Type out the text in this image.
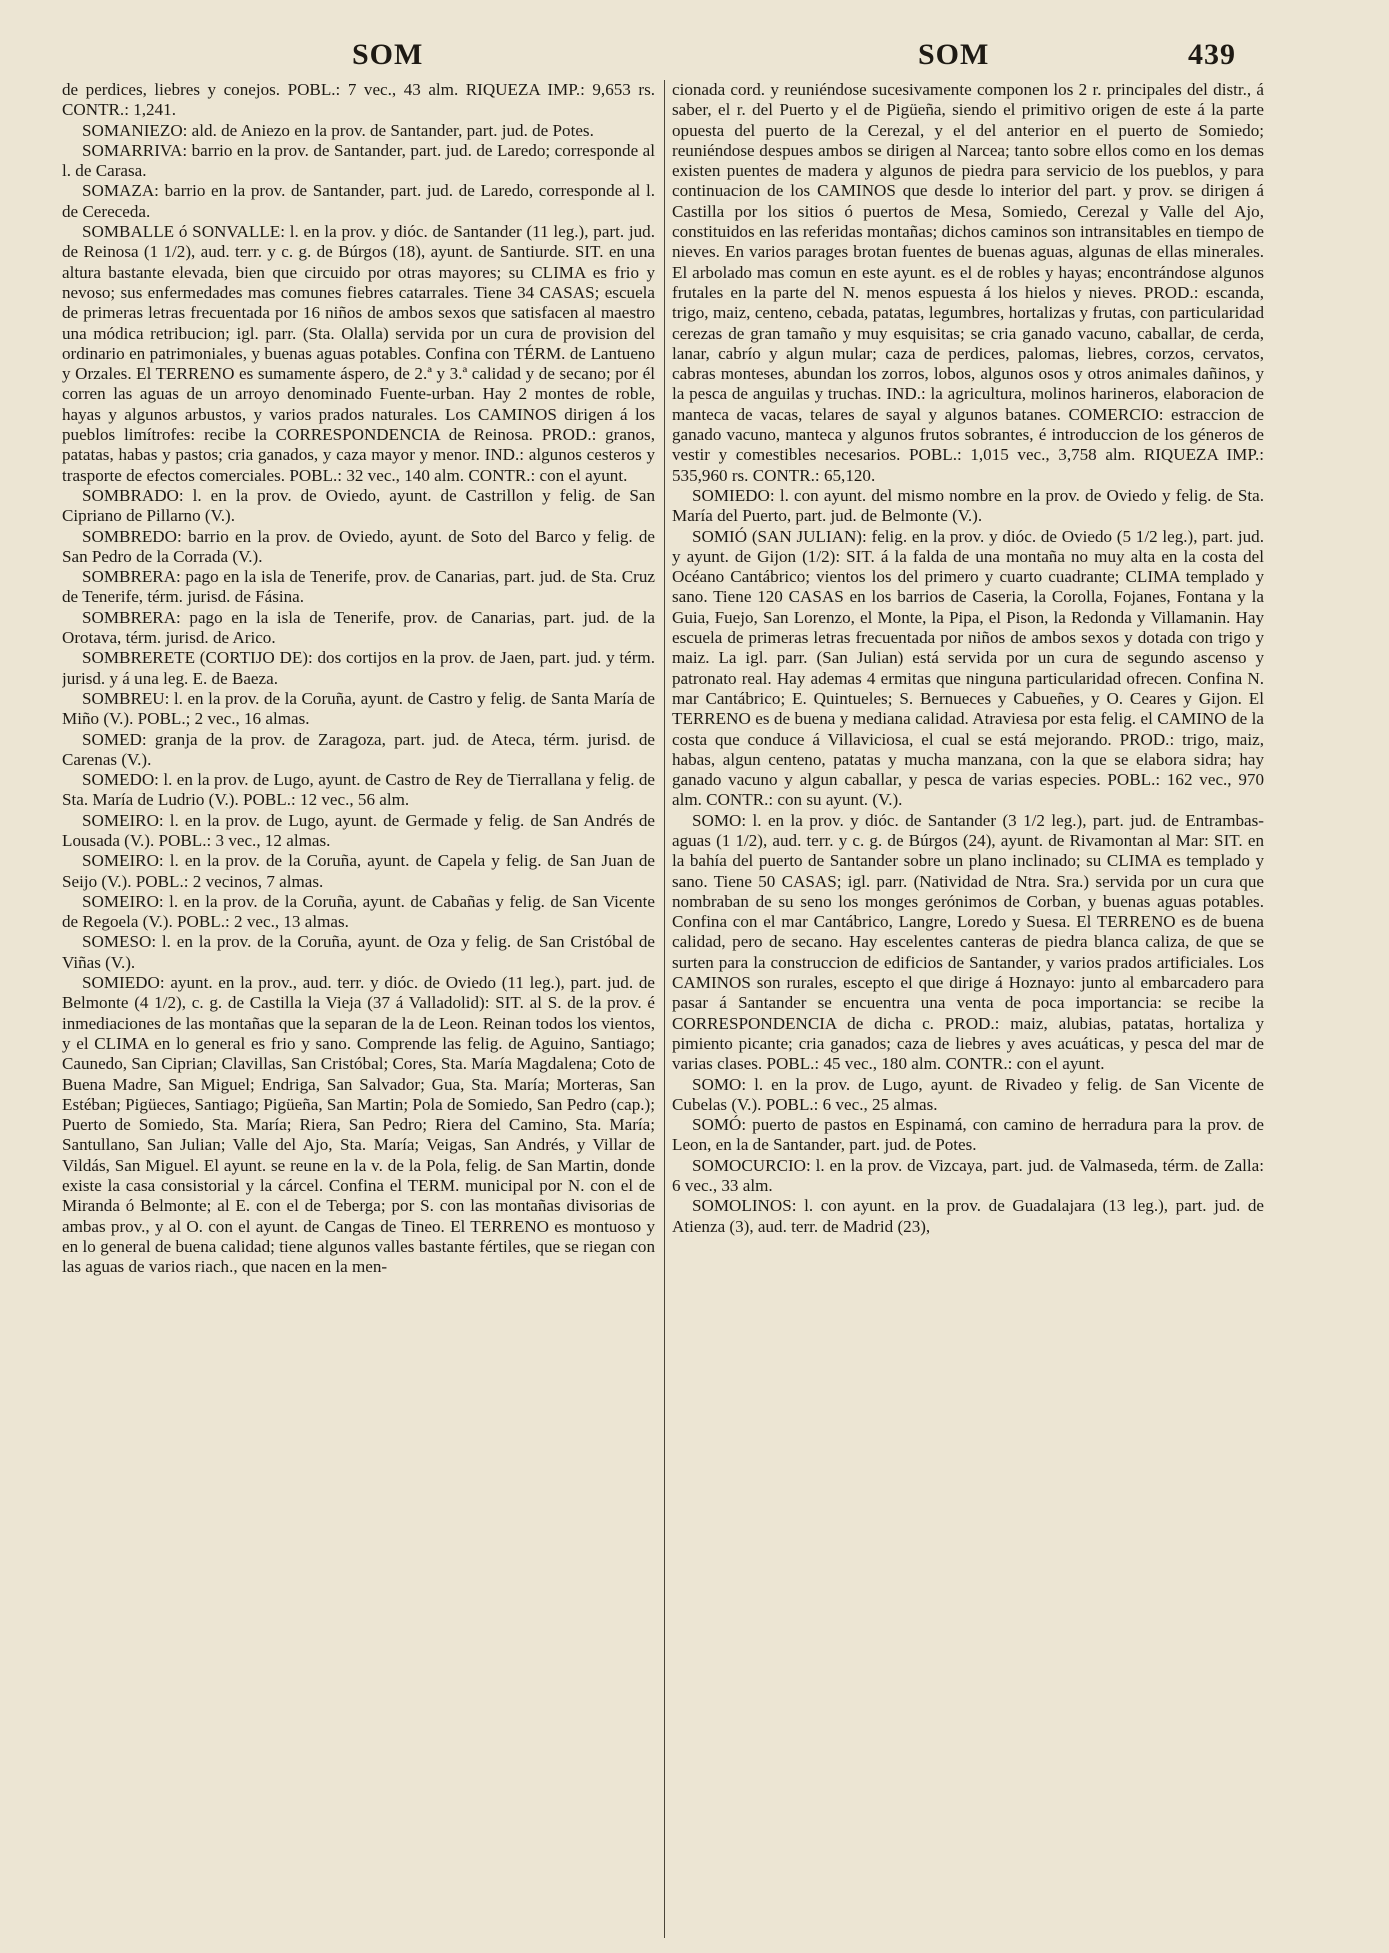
SOM	SOM	439

de perdices, liebres y conejos. POBL.: 7 vec., 43 alm. RIQUEZA IMP.: 9,653 rs. CONTR.: 1,241.

SOMANIEZO: ald. de Aniezo en la prov. de Santander, part. jud. de Potes.

SOMARRIVA: barrio en la prov. de Santander, part. jud. de Laredo; corresponde al l. de Carasa.

SOMAZA: barrio en la prov. de Santander, part. jud. de Laredo, corresponde al l. de Cereceda.

SOMBALLE ó SONVALLE: l. en la prov. y dióc. de Santander (11 leg.), part. jud. de Reinosa (1 1/2), aud. terr. y c. g. de Búrgos (18), ayunt. de Santiurde. SIT. en una altura bastante elevada, bien que circuido por otras mayores; su CLIMA es frio y nevoso; sus enfermedades mas comunes fiebres catarrales. Tiene 34 CASAS; escuela de primeras letras frecuentada por 16 niños de ambos sexos que satisfacen al maestro una módica retribucion; igl. parr. (Sta. Olalla) servida por un cura de provision del ordinario en patrimoniales, y buenas aguas potables. Confina con TÉRM. de Lantueno y Orzales. El TERRENO es sumamente áspero, de 2.ª y 3.ª calidad y de secano; por él corren las aguas de un arroyo denominado Fuente-urban. Hay 2 montes de roble, hayas y algunos arbustos, y varios prados naturales. Los CAMINOS dirigen á los pueblos limítrofes: recibe la CORRESPONDENCIA de Reinosa. PROD.: granos, patatas, habas y pastos; cria ganados, y caza mayor y menor. IND.: algunos cesteros y trasporte de efectos comerciales. POBL.: 32 vec., 140 alm. CONTR.: con el ayunt.

SOMBRADO: l. en la prov. de Oviedo, ayunt. de Castrillon y felig. de San Cipriano de Pillarno (V.).

SOMBREDO: barrio en la prov. de Oviedo, ayunt. de Soto del Barco y felig. de San Pedro de la Corrada (V.).

SOMBRERA: pago en la isla de Tenerife, prov. de Canarias, part. jud. de Sta. Cruz de Tenerife, térm. jurisd. de Fásina.

SOMBRERA: pago en la isla de Tenerife, prov. de Canarias, part. jud. de la Orotava, térm. jurisd. de Arico.

SOMBRERETE (CORTIJO DE): dos cortijos en la prov. de Jaen, part. jud. y térm. jurisd. y á una leg. E. de Baeza.

SOMBREU: l. en la prov. de la Coruña, ayunt. de Castro y felig. de Santa María de Miño (V.). POBL.; 2 vec., 16 almas.

SOMED: granja de la prov. de Zaragoza, part. jud. de Ateca, térm. jurisd. de Carenas (V.).

SOMEDO: l. en la prov. de Lugo, ayunt. de Castro de Rey de Tierrallana y felig. de Sta. María de Ludrio (V.). POBL.: 12 vec., 56 alm.

SOMEIRO: l. en la prov. de Lugo, ayunt. de Germade y felig. de San Andrés de Lousada (V.). POBL.: 3 vec., 12 almas.

SOMEIRO: l. en la prov. de la Coruña, ayunt. de Capela y felig. de San Juan de Seijo (V.). POBL.: 2 vecinos, 7 almas.

SOMEIRO: l. en la prov. de la Coruña, ayunt. de Cabañas y felig. de San Vicente de Regoela (V.). POBL.: 2 vec., 13 almas.

SOMESO: l. en la prov. de la Coruña, ayunt. de Oza y felig. de San Cristóbal de Viñas (V.).

SOMIEDO: ayunt. en la prov., aud. terr. y dióc. de Oviedo (11 leg.), part. jud. de Belmonte (4 1/2), c. g. de Castilla la Vieja (37 á Valladolid): SIT. al S. de la prov. é inmediaciones de las montañas que la separan de la de Leon. Reinan todos los vientos, y el CLIMA en lo general es frio y sano. Comprende las felig. de Aguino, Santiago; Caunedo, San Ciprian; Clavillas, San Cristóbal; Cores, Sta. María Magdalena; Coto de Buena Madre, San Miguel; Endriga, San Salvador; Gua, Sta. María; Morteras, San Estéban; Pigüeces, Santiago; Pigüeña, San Martin; Pola de Somiedo, San Pedro (cap.); Puerto de Somiedo, Sta. María; Riera, San Pedro; Riera del Camino, Sta. María; Santullano, San Julian; Valle del Ajo, Sta. María; Veigas, San Andrés, y Villar de Vildás, San Miguel. El ayunt. se reune en la v. de la Pola, felig. de San Martin, donde existe la casa consistorial y la cárcel. Confina el TERM. municipal por N. con el de Miranda ó Belmonte; al E. con el de Teberga; por S. con las montañas divisorias de ambas prov., y al O. con el ayunt. de Cangas de Tineo. El TERRENO es montuoso y en lo general de buena calidad; tiene algunos valles bastante fértiles, que se riegan con las aguas de varios riach., que nacen en la men-

cionada cord. y reuniéndose sucesivamente componen los 2 r. principales del distr., á saber, el r. del Puerto y el de Pigüeña, siendo el primitivo origen de este á la parte opuesta del puerto de la Cerezal, y el del anterior en el puerto de Somiedo; reuniéndose despues ambos se dirigen al Narcea; tanto sobre ellos como en los demas existen puentes de madera y algunos de piedra para servicio de los pueblos, y para continuacion de los CAMINOS que desde lo interior del part. y prov. se dirigen á Castilla por los sitios ó puertos de Mesa, Somiedo, Cerezal y Valle del Ajo, constituidos en las referidas montañas; dichos caminos son intransitables en tiempo de nieves. En varios parages brotan fuentes de buenas aguas, algunas de ellas minerales. El arbolado mas comun en este ayunt. es el de robles y hayas; encontrándose algunos frutales en la parte del N. menos espuesta á los hielos y nieves. PROD.: escanda, trigo, maiz, centeno, cebada, patatas, legumbres, hortalizas y frutas, con particularidad cerezas de gran tamaño y muy esquisitas; se cria ganado vacuno, caballar, de cerda, lanar, cabrío y algun mular; caza de perdices, palomas, liebres, corzos, cervatos, cabras monteses, abundan los zorros, lobos, algunos osos y otros animales dañinos, y la pesca de anguilas y truchas. IND.: la agricultura, molinos harineros, elaboracion de manteca de vacas, telares de sayal y algunos batanes. COMERCIO: estraccion de ganado vacuno, manteca y algunos frutos sobrantes, é introduccion de los géneros de vestir y comestibles necesarios. POBL.: 1,015 vec., 3,758 alm. RIQUEZA IMP.: 535,960 rs. CONTR.: 65,120.

SOMIEDO: l. con ayunt. del mismo nombre en la prov. de Oviedo y felig. de Sta. María del Puerto, part. jud. de Belmonte (V.).

SOMIÓ (SAN JULIAN): felig. en la prov. y dióc. de Oviedo (5 1/2 leg.), part. jud. y ayunt. de Gijon (1/2): SIT. á la falda de una montaña no muy alta en la costa del Océano Cantábrico; vientos los del primero y cuarto cuadrante; CLIMA templado y sano. Tiene 120 CASAS en los barrios de Caseria, la Corolla, Fojanes, Fontana y la Guia, Fuejo, San Lorenzo, el Monte, la Pipa, el Pison, la Redonda y Villamanin. Hay escuela de primeras letras frecuentada por niños de ambos sexos y dotada con trigo y maiz. La igl. parr. (San Julian) está servida por un cura de segundo ascenso y patronato real. Hay ademas 4 ermitas que ninguna particularidad ofrecen. Confina N. mar Cantábrico; E. Quintueles; S. Bernueces y Cabueñes, y O. Ceares y Gijon. El TERRENO es de buena y mediana calidad. Atraviesa por esta felig. el CAMINO de la costa que conduce á Villaviciosa, el cual se está mejorando. PROD.: trigo, maiz, habas, algun centeno, patatas y mucha manzana, con la que se elabora sidra; hay ganado vacuno y algun caballar, y pesca de varias especies. POBL.: 162 vec., 970 alm. CONTR.: con su ayunt. (V.).

SOMO: l. en la prov. y dióc. de Santander (3 1/2 leg.), part. jud. de Entrambas-aguas (1 1/2), aud. terr. y c. g. de Búrgos (24), ayunt. de Rivamontan al Mar: SIT. en la bahía del puerto de Santander sobre un plano inclinado; su CLIMA es templado y sano. Tiene 50 CASAS; igl. parr. (Natividad de Ntra. Sra.) servida por un cura que nombraban de su seno los monges gerónimos de Corban, y buenas aguas potables. Confina con el mar Cantábrico, Langre, Loredo y Suesa. El TERRENO es de buena calidad, pero de secano. Hay escelentes canteras de piedra blanca caliza, de que se surten para la construccion de edificios de Santander, y varios prados artificiales. Los CAMINOS son rurales, escepto el que dirige á Hoznayo: junto al embarcadero para pasar á Santander se encuentra una venta de poca importancia: se recibe la CORRESPONDENCIA de dicha c. PROD.: maiz, alubias, patatas, hortaliza y pimiento picante; cria ganados; caza de liebres y aves acuáticas, y pesca del mar de varias clases. POBL.: 45 vec., 180 alm. CONTR.: con el ayunt.

SOMO: l. en la prov. de Lugo, ayunt. de Rivadeo y felig. de San Vicente de Cubelas (V.). POBL.: 6 vec., 25 almas.

SOMÓ: puerto de pastos en Espinamá, con camino de herradura para la prov. de Leon, en la de Santander, part. jud. de Potes.

SOMOCURCIO: l. en la prov. de Vizcaya, part. jud. de Valmaseda, térm. de Zalla: 6 vec., 33 alm.

SOMOLINOS: l. con ayunt. en la prov. de Guadalajara (13 leg.), part. jud. de Atienza (3), aud. terr. de Madrid (23),
